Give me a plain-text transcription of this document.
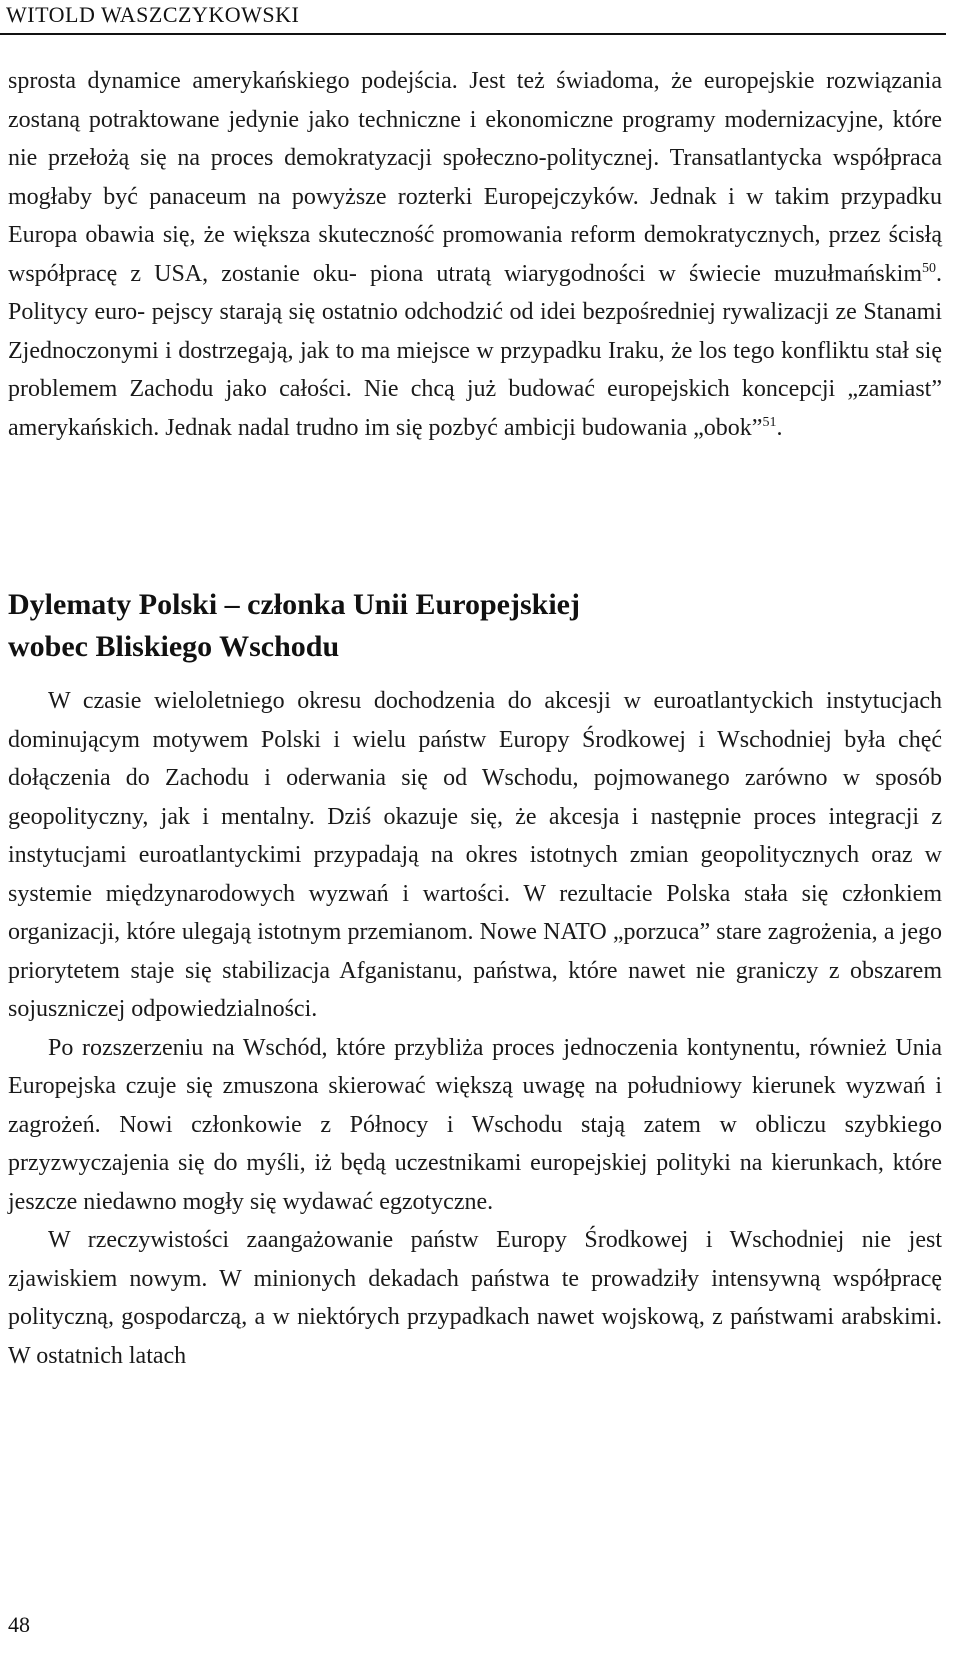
WITOLD WASZCZYKOWSKI

sprosta dynamice amerykańskiego podejścia. Jest też świadoma, że europejskie rozwiązania zostaną potraktowane jedynie jako techniczne i ekonomiczne programy modernizacyjne, które nie przełożą się na proces demokratyzacji społeczno-politycznej. Transatlantycka współpraca mogłaby być panaceum na powyższe rozterki Europejczyków. Jednak i w takim przypadku Europa obawia się, że większa skuteczność promowania reform demokratycznych, przez ścisłą współpracę z USA, zostanie oku- piona utratą wiarygodności w świecie muzułmańskim$^{50}$. Politycy euro- pejscy starają się ostatnio odchodzić od idei bezpośredniej rywalizacji ze Stanami Zjednoczonymi i dostrzegają, jak to ma miejsce w przypadku Iraku, że los tego konfliktu stał się problemem Zachodu jako całości. Nie chcą już budować europejskich koncepcji „zamiast” amerykańskich. Jednak nadal trudno im się pozbyć ambicji budowania „obok”$^{51}$.

Dylematy Polski – członka Unii Europejskiej
wobec Bliskiego Wschodu

W czasie wieloletniego okresu dochodzenia do akcesji w euroatlantyckich instytucjach dominującym motywem Polski i wielu państw Europy Środkowej i Wschodniej była chęć dołączenia do Zachodu i oderwania się od Wschodu, pojmowanego zarówno w sposób geopolityczny, jak i mentalny. Dziś okazuje się, że akcesja i następnie proces integracji z instytucjami euroatlantyckimi przypadają na okres istotnych zmian geopolitycznych oraz w systemie międzynarodowych wyzwań i wartości. W rezultacie Polska stała się członkiem organizacji, które ulegają istotnym przemianom. Nowe NATO „porzuca” stare zagrożenia, a jego priorytetem staje się stabilizacja Afganistanu, państwa, które nawet nie graniczy z obszarem sojuszniczej odpowiedzialności.

Po rozszerzeniu na Wschód, które przybliża proces jednoczenia kontynentu, również Unia Europejska czuje się zmuszona skierować większą uwagę na południowy kierunek wyzwań i zagrożeń. Nowi członkowie z Północy i Wschodu stają zatem w obliczu szybkiego przyzwyczajenia się do myśli, iż będą uczestnikami europejskiej polityki na kierunkach, które jeszcze niedawno mogły się wydawać egzotyczne.

W rzeczywistości zaangażowanie państw Europy Środkowej i Wschodniej nie jest zjawiskiem nowym. W minionych dekadach państwa te prowadziły intensywną współpracę polityczną, gospodarczą, a w niektórych przypadkach nawet wojskową, z państwami arabskimi. W ostatnich latach

48
